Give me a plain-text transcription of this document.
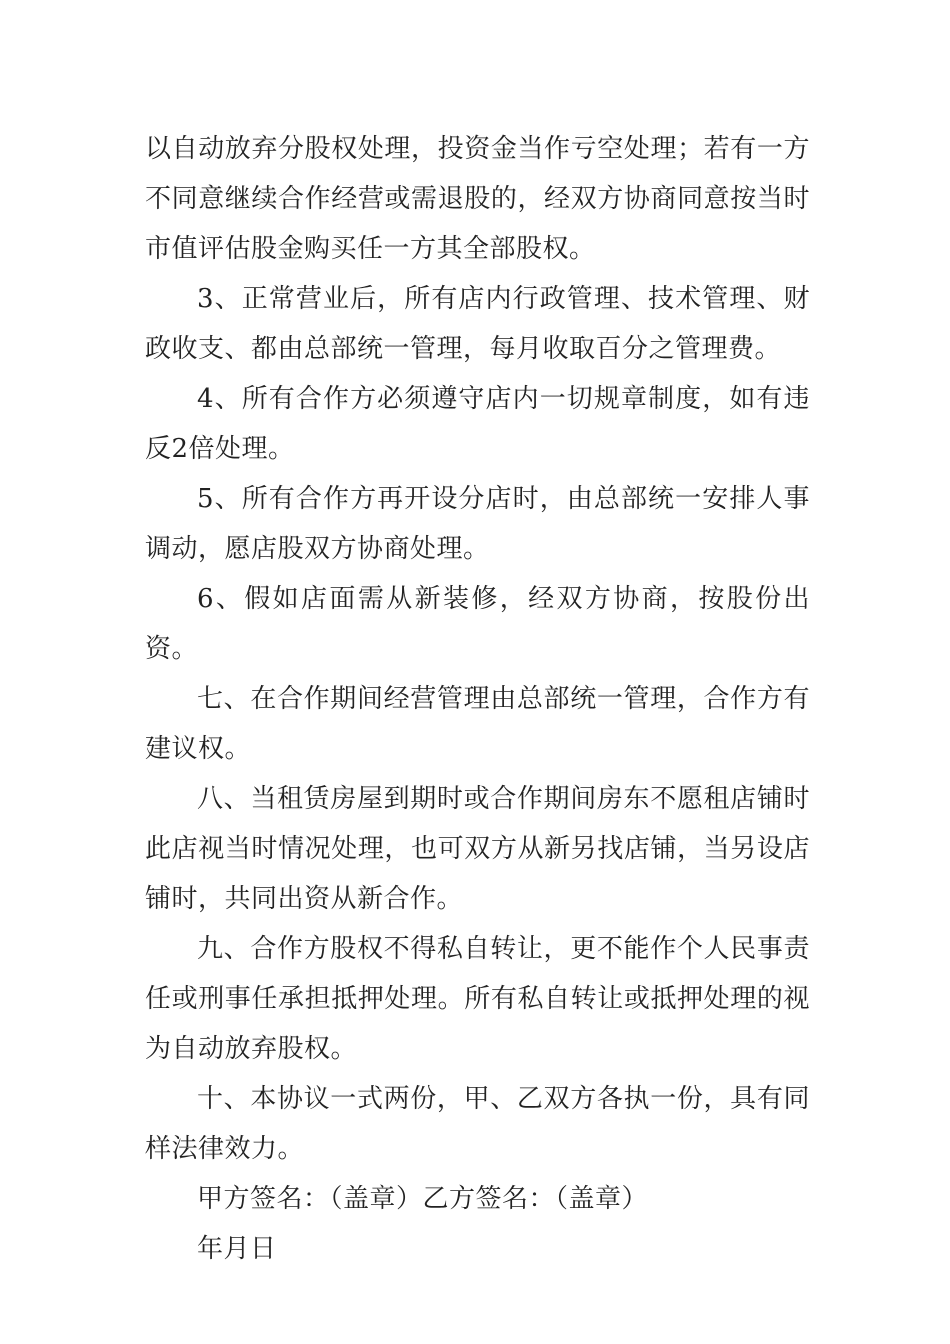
以自动放弃分股权处理，投资金当作亏空处理；若有一方不同意继续合作经营或需退股的，经双方协商同意按当时市值评估股金购买任一方其全部股权。

3、正常营业后，所有店内行政管理、技术管理、财政收支、都由总部统一管理，每月收取百分之管理费。

4、所有合作方必须遵守店内一切规章制度，如有违反2倍处理。

5、所有合作方再开设分店时，由总部统一安排人事调动，愿店股双方协商处理。

6、假如店面需从新装修，经双方协商，按股份出资。

七、在合作期间经营管理由总部统一管理，合作方有建议权。

八、当租赁房屋到期时或合作期间房东不愿租店铺时此店视当时情况处理，也可双方从新另找店铺，当另设店铺时，共同出资从新合作。

九、合作方股权不得私自转让，更不能作个人民事责任或刑事任承担抵押处理。所有私自转让或抵押处理的视为自动放弃股权。

十、本协议一式两份，甲、乙双方各执一份，具有同样法律效力。

甲方签名：（盖章）乙方签名：（盖章）

年月日
